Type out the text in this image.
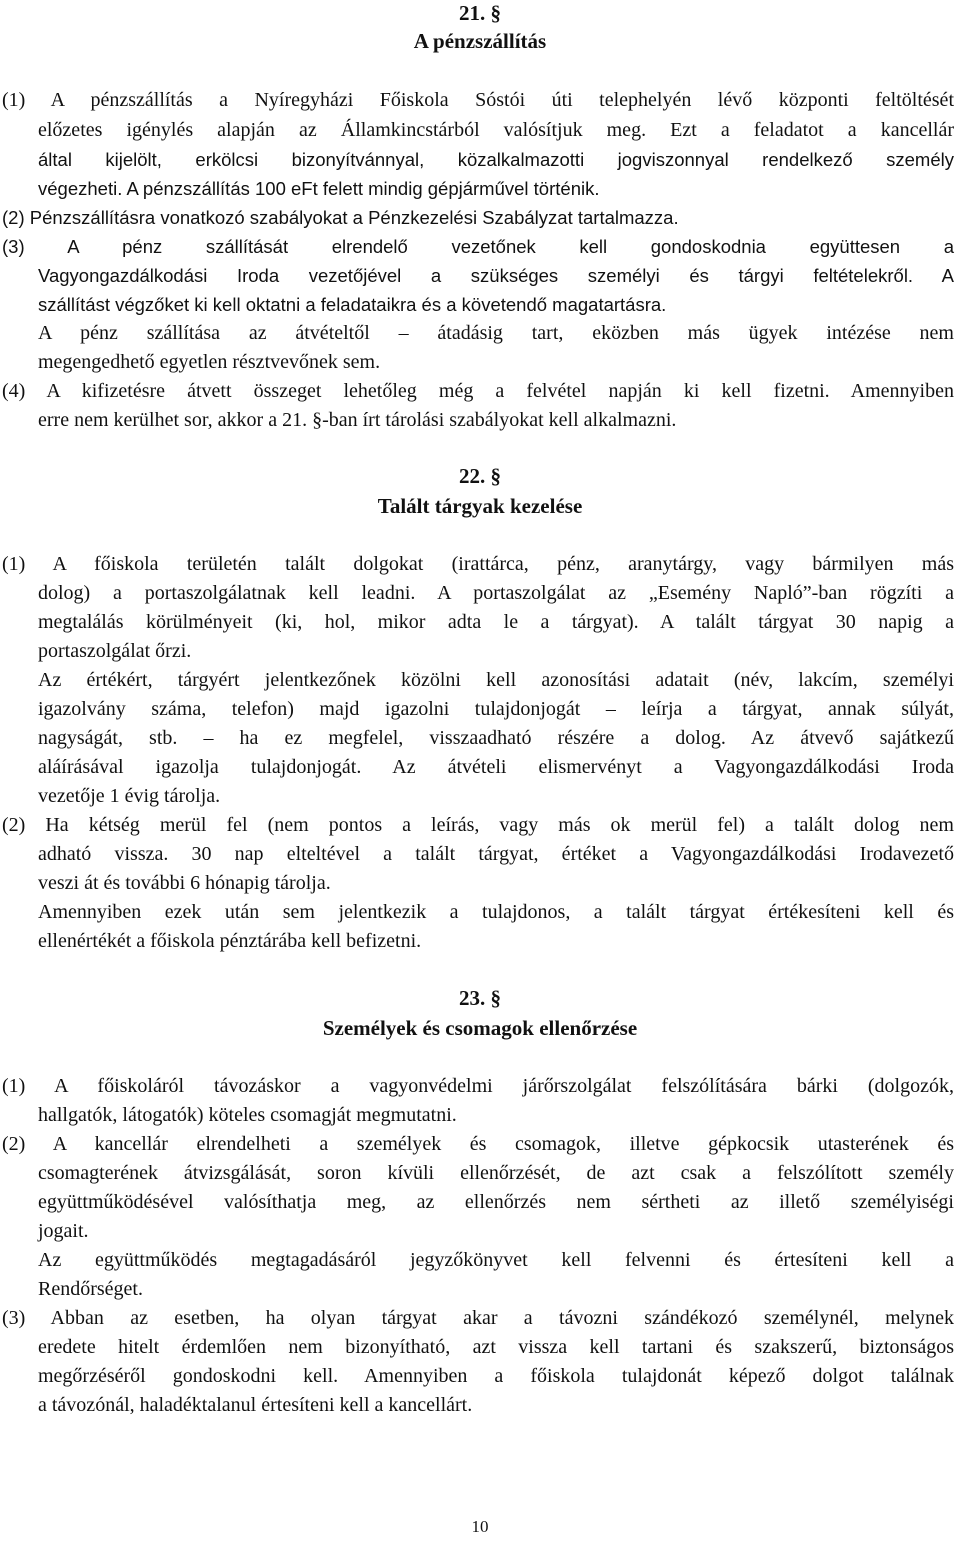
21. §
A pénzszállítás
(1) A pénzszállítás a Nyíregyházi Főiskola Sóstói úti telephelyén lévő központi feltöltését
előzetes igénylés alapján az Államkincstárból valósítjuk meg. Ezt a feladatot a kancellár
által kijelölt, erkölcsi bizonyítvánnyal, közalkalmazotti jogviszonnyal rendelkező személy
végezheti. A pénzszállítás 100 eFt felett mindig gépjárművel történik.
(2) Pénzszállításra vonatkozó szabályokat a Pénzkezelési Szabályzat tartalmazza.
(3) A pénz szállítását elrendelő vezetőnek kell gondoskodnia együttesen a
Vagyongazdálkodási Iroda vezetőjével a szükséges személyi és tárgyi feltételekről. A
szállítást végzőket ki kell oktatni a feladataikra és a követendő magatartásra.
A pénz szállítása az átvételtől – átadásig tart, eközben más ügyek intézése nem
megengedhető egyetlen résztvevőnek sem.
(4) A kifizetésre átvett összeget lehetőleg még a felvétel napján ki kell fizetni. Amennyiben
erre nem kerülhet sor, akkor a 21. §-ban írt tárolási szabályokat kell alkalmazni.
22. §
Talált tárgyak kezelése
(1) A főiskola területén talált dolgokat (irattárca, pénz, aranytárgy, vagy bármilyen más
dolog) a portaszolgálatnak kell leadni. A portaszolgálat az „Esemény Napló”-ban rögzíti a
megtalálás körülményeit (ki, hol, mikor adta le a tárgyat). A talált tárgyat 30 napig a
portaszolgálat őrzi.
Az értékért, tárgyért jelentkezőnek közölni kell azonosítási adatait (név, lakcím, személyi
igazolvány száma, telefon) majd igazolni tulajdonjogát – leírja a tárgyat, annak súlyát,
nagyságát, stb. – ha ez megfelel, visszaadható részére a dolog. Az átvevő sajátkezű
aláírásával igazolja tulajdonjogát. Az átvételi elismervényt a Vagyongazdálkodási Iroda
vezetője 1 évig tárolja.
(2) Ha kétség merül fel (nem pontos a leírás, vagy más ok merül fel) a talált dolog nem
adható vissza. 30 nap elteltével a talált tárgyat, értéket a Vagyongazdálkodási Irodavezető
veszi át és további 6 hónapig tárolja.
Amennyiben ezek után sem jelentkezik a tulajdonos, a talált tárgyat értékesíteni kell és
ellenértékét a főiskola pénztárába kell befizetni.
23. §
Személyek és csomagok ellenőrzése
(1) A főiskoláról távozáskor a vagyonvédelmi járőrszolgálat felszólítására bárki (dolgozók,
hallgatók, látogatók) köteles csomagját megmutatni.
(2) A kancellár elrendelheti a személyek és csomagok, illetve gépkocsik utasterének és
csomagterének átvizsgálását, soron kívüli ellenőrzését, de azt csak a felszólított személy
együttműködésével valósíthatja meg, az ellenőrzés nem sértheti az illető személyiségi
jogait.
Az együttműködés megtagadásáról jegyzőkönyvet kell felvenni és értesíteni kell a
Rendőrséget.
(3) Abban az esetben, ha olyan tárgyat akar a távozni szándékozó személynél, melynek
eredete hitelt érdemlően nem bizonyítható, azt vissza kell tartani és szakszerű, biztonságos
megőrzéséről gondoskodni kell. Amennyiben a főiskola tulajdonát képező dolgot találnak
a távozónál, haladéktalanul értesíteni kell a kancellárt.
10
